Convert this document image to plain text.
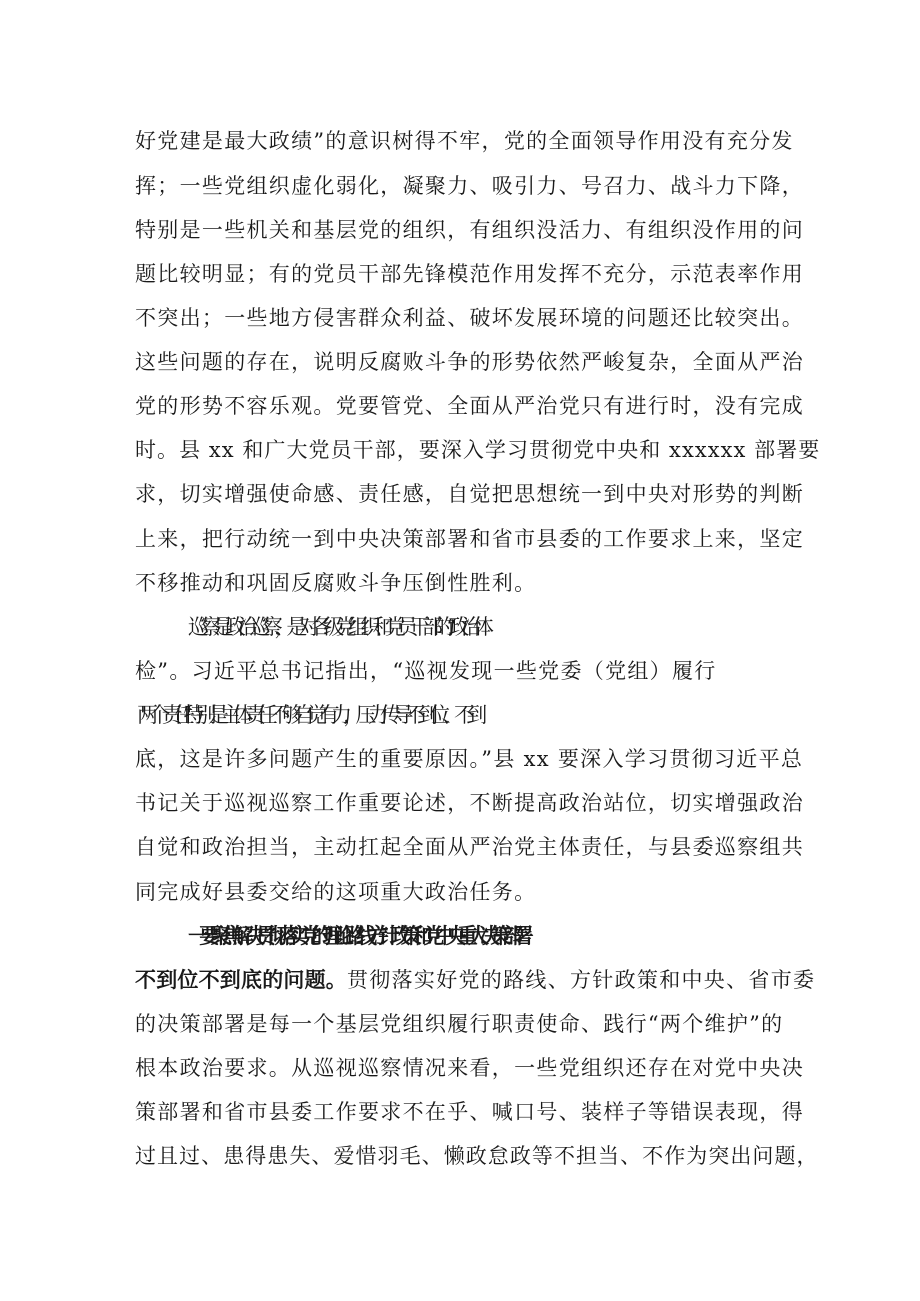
好党建是最大政绩”的意识树得不牢，党的全面领导作用没有充分发
挥；一些党组织虚化弱化，凝聚力、吸引力、号召力、战斗力下降，
特别是一些机关和基层党的组织，有组织没活力、有组织没作用的问
题比较明显；有的党员干部先锋模范作用发挥不充分，示范表率作用
不突出；一些地方侵害群众利益、破坏发展环境的问题还比较突出。
这些问题的存在，说明反腐败斗争的形势依然严峻复杂，全面从严治
党的形势不容乐观。党要管党、全面从严治党只有进行时，没有完成
时。县 xx 和广大党员干部，要深入学习贯彻党中央和 xxxxxx 部署要
求，切实增强使命感、责任感，自觉把思想统一到中央对形势的判断
上来，把行动统一到中央决策部署和省市县委的工作要求上来，坚定
不移推动和巩固反腐败斗争压倒性胜利。
巡察是政治巡察，是对各级党组织和党员干部的“政治体
检”。习近平总书记指出，“巡视发现一些党委（党组）履行
'两个责任'特别是主体责任不够自觉有力，压力传导不到位、不到
底，这是许多问题产生的重要原因。”县 xx 要深入学习贯彻习近平总
书记关于巡视巡察工作重要论述，不断提高政治站位，切实增强政治
自觉和政治担当，主动扛起全面从严治党主体责任，与县委巡察组共
同完成好县委交给的这项重大政治任务。
一要聚焦解决贯彻落实党的理论路线方针政策和党中央重大决策部署
不到位不到底的问题。贯彻落实好党的路线、方针政策和中央、省市委
的决策部署是每一个基层党组织履行职责使命、践行“两个维护”的
根本政治要求。从巡视巡察情况来看，一些党组织还存在对党中央决
策部署和省市县委工作要求不在乎、喊口号、装样子等错误表现，得
过且过、患得患失、爱惜羽毛、懒政怠政等不担当、不作为突出问题，
